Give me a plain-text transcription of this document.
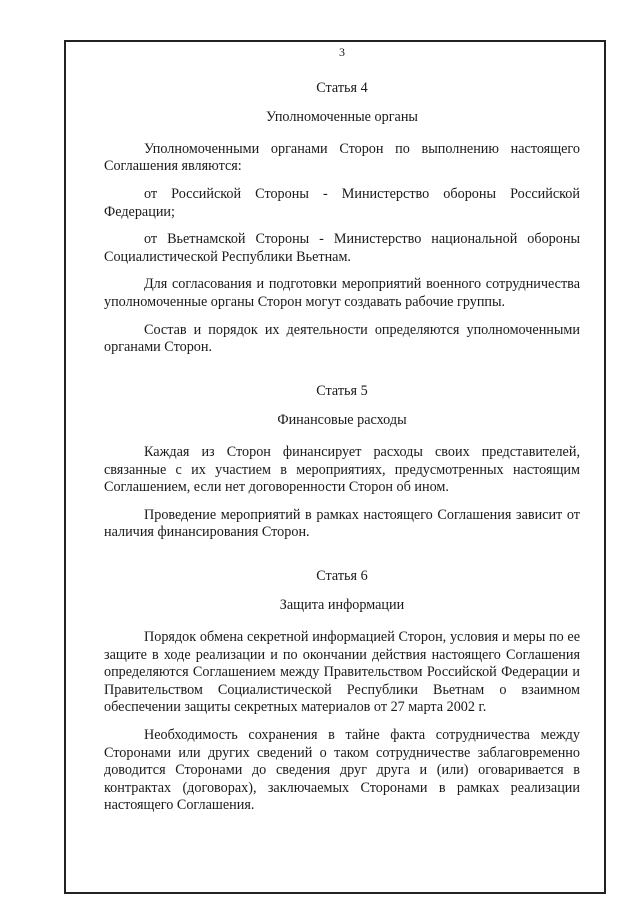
3
Статья 4
Уполномоченные органы

Уполномоченными органами Сторон по выполнению настоящего Соглашения являются:

от Российской Стороны - Министерство обороны Российской Федерации;

от Вьетнамской Стороны - Министерство национальной обороны Социалистической Республики Вьетнам.

Для согласования и подготовки мероприятий военного сотрудничества уполномоченные органы Сторон могут создавать рабочие группы.

Состав и порядок их деятельности определяются уполномоченными органами Сторон.

Статья 5
Финансовые расходы

Каждая из Сторон финансирует расходы своих представителей, связанные с их участием в мероприятиях, предусмотренных настоящим Соглашением, если нет договоренности Сторон об ином.

Проведение мероприятий в рамках настоящего Соглашения зависит от наличия финансирования Сторон.

Статья 6
Защита информации

Порядок обмена секретной информацией Сторон, условия и меры по ее защите в ходе реализации и по окончании действия настоящего Соглашения определяются Соглашением между Правительством Российской Федерации и Правительством Социалистической Республики Вьетнам о взаимном обеспечении защиты секретных материалов от 27 марта 2002 г.

Необходимость сохранения в тайне факта сотрудничества между Сторонами или других сведений о таком сотрудничестве заблаговременно доводится Сторонами до сведения друг друга и (или) оговаривается в контрактах (договорах), заключаемых Сторонами в рамках реализации настоящего Соглашения.
